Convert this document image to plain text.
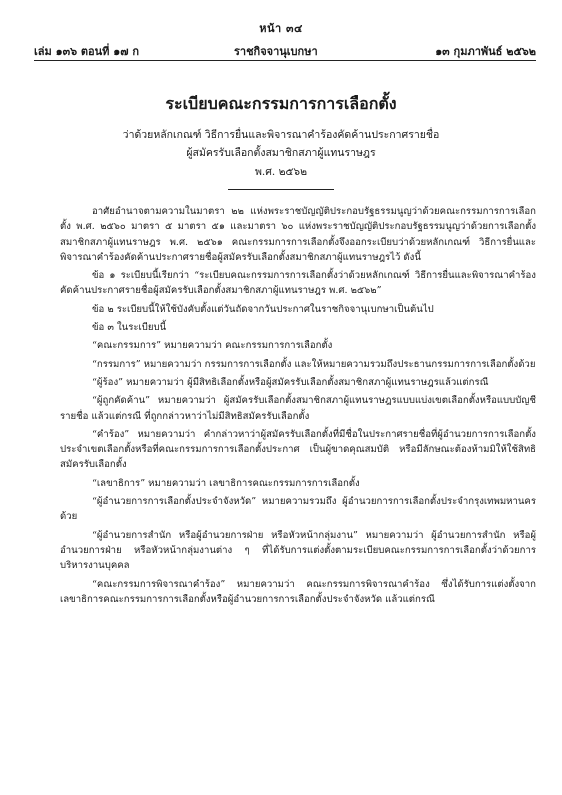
หน้า ๓๔
เล่ม ๑๓๖ ตอนที่ ๑๗ ก	ราชกิจจานุเบกษา	๑๓ กุมภาพันธ์ ๒๕๖๒
ระเบียบคณะกรรมการการเลือกตั้ง
ว่าด้วยหลักเกณฑ์ วิธีการยื่นและพิจารณาคำร้องคัดค้านประกาศรายชื่อ
ผู้สมัครรับเลือกตั้งสมาชิกสภาผู้แทนราษฎร
พ.ศ. ๒๕๖๒

อาศัยอำนาจตามความในมาตรา ๒๒ แห่งพระราชบัญญัติประกอบรัฐธรรมนูญว่าด้วยคณะกรรมการการเลือกตั้ง พ.ศ. ๒๕๖๐ มาตรา ๕ มาตรา ๕๑ และมาตรา ๖๐ แห่งพระราชบัญญัติประกอบรัฐธรรมนูญว่าด้วยการเลือกตั้งสมาชิกสภาผู้แทนราษฎร พ.ศ. ๒๕๖๑ คณะกรรมการการเลือกตั้งจึงออกระเบียบว่าด้วยหลักเกณฑ์ วิธีการยื่นและพิจารณาคำร้องคัดค้านประกาศรายชื่อผู้สมัครรับเลือกตั้งสมาชิกสภาผู้แทนราษฎรไว้ ดังนี้

ข้อ ๑ ระเบียบนี้เรียกว่า “ระเบียบคณะกรรมการการเลือกตั้งว่าด้วยหลักเกณฑ์ วิธีการยื่นและพิจารณาคำร้องคัดค้านประกาศรายชื่อผู้สมัครรับเลือกตั้งสมาชิกสภาผู้แทนราษฎร พ.ศ. ๒๕๖๒”

ข้อ ๒ ระเบียบนี้ให้ใช้บังคับตั้งแต่วันถัดจากวันประกาศในราชกิจจานุเบกษาเป็นต้นไป

ข้อ ๓ ในระเบียบนี้

“คณะกรรมการ” หมายความว่า คณะกรรมการการเลือกตั้ง

“กรรมการ” หมายความว่า กรรมการการเลือกตั้ง และให้หมายความรวมถึงประธานกรรมการการเลือกตั้งด้วย

“ผู้ร้อง” หมายความว่า ผู้มีสิทธิเลือกตั้งหรือผู้สมัครรับเลือกตั้งสมาชิกสภาผู้แทนราษฎรแล้วแต่กรณี

“ผู้ถูกคัดค้าน” หมายความว่า ผู้สมัครรับเลือกตั้งสมาชิกสภาผู้แทนราษฎรแบบแบ่งเขตเลือกตั้งหรือแบบบัญชีรายชื่อ แล้วแต่กรณี ที่ถูกกล่าวหาว่าไม่มีสิทธิสมัครรับเลือกตั้ง

“คำร้อง” หมายความว่า คำกล่าวหาว่าผู้สมัครรับเลือกตั้งที่มีชื่อในประกาศรายชื่อที่ผู้อำนวยการการเลือกตั้งประจำเขตเลือกตั้งหรือที่คณะกรรมการการเลือกตั้งประกาศ เป็นผู้ขาดคุณสมบัติ หรือมีลักษณะต้องห้ามมิให้ใช้สิทธิสมัครรับเลือกตั้ง

“เลขาธิการ” หมายความว่า เลขาธิการคณะกรรมการการเลือกตั้ง

“ผู้อำนวยการการเลือกตั้งประจำจังหวัด” หมายความรวมถึง ผู้อำนวยการการเลือกตั้งประจำกรุงเทพมหานครด้วย

“ผู้อำนวยการสำนัก หรือผู้อำนวยการฝ่าย หรือหัวหน้ากลุ่มงาน” หมายความว่า ผู้อำนวยการสำนัก หรือผู้อำนวยการฝ่าย หรือหัวหน้ากลุ่มงานต่าง ๆ ที่ได้รับการแต่งตั้งตามระเบียบคณะกรรมการการเลือกตั้งว่าด้วยการบริหารงานบุคคล

“คณะกรรมการพิจารณาคำร้อง” หมายความว่า คณะกรรมการพิจารณาคำร้อง ซึ่งได้รับการแต่งตั้งจากเลขาธิการคณะกรรมการการเลือกตั้งหรือผู้อำนวยการการเลือกตั้งประจำจังหวัด แล้วแต่กรณี
